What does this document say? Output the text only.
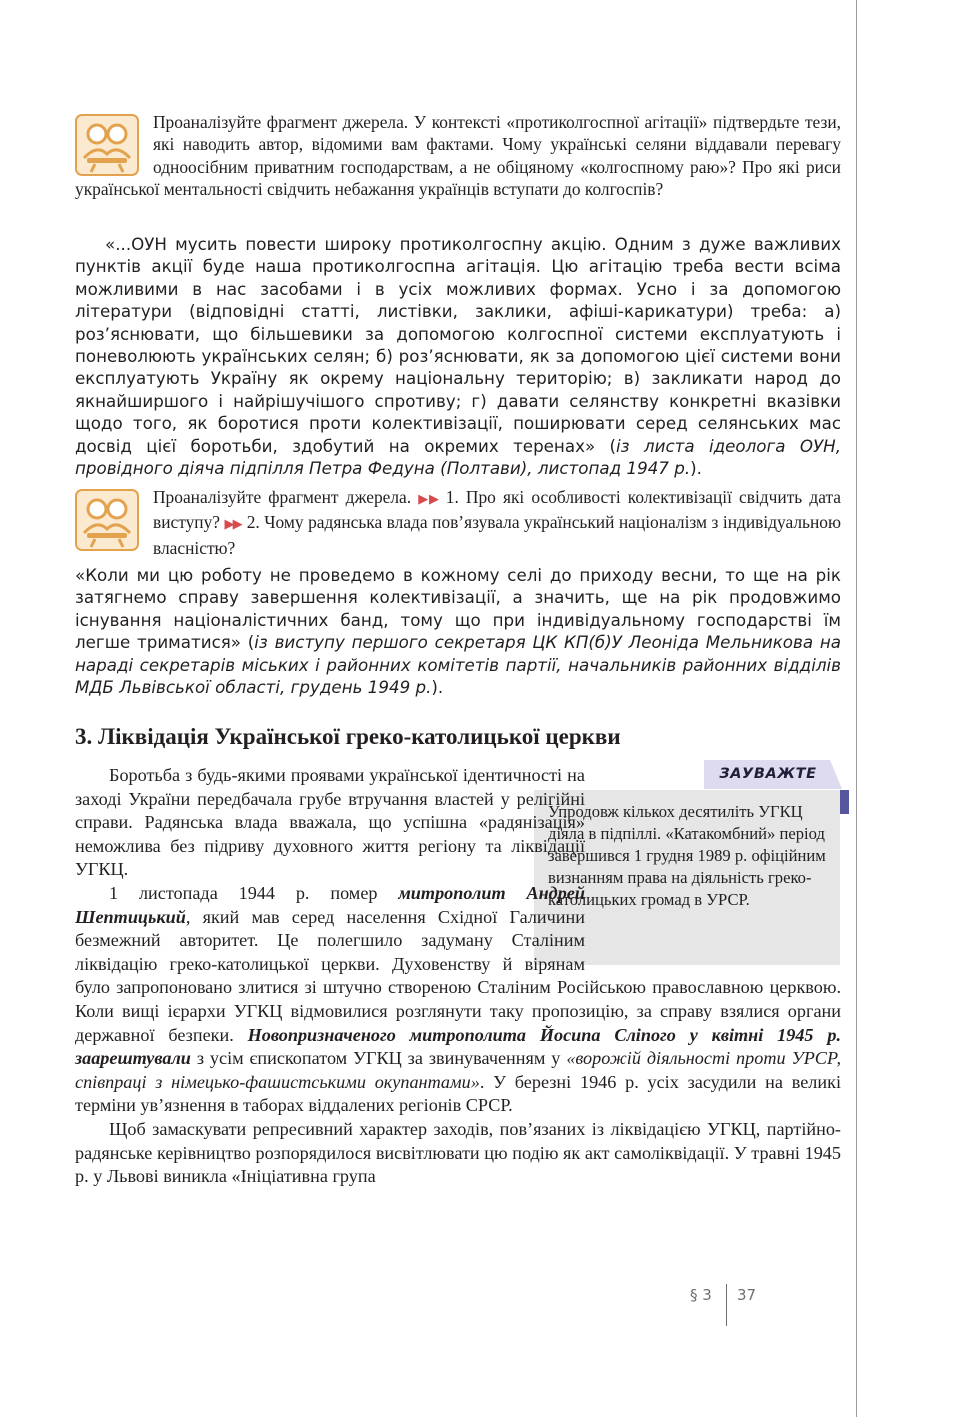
Проаналізуйте фрагмент джерела. У контексті «протиколгоспної агітації» підтвердьте тези, які наводить автор, відомими вам фактами. Чому українські селяни віддавали перевагу одноосібним приватним господарствам, а не обіцяному «колгоспному раю»? Про які риси української ментальності свідчить небажання українців вступати до колгоспів?
«...ОУН мусить повести широку протиколгоспну акцію. Одним з дуже важливих пунктів акції буде наша протиколгоспна агітація. Цю агітацію треба вести всіма можливими в нас засобами і в усіх можливих формах. Усно і за допомогою літератури (відповідні статті, листівки, заклики, афіші-карикатури) треба: а) роз’яснювати, що більшевики за допомогою колгоспної системи експлуатують і поневолюють українських селян; б) роз’яснювати, як за допомогою цієї системи вони експлуатують Україну як окрему національну територію; в) закликати народ до якнайширшого і найрішучішого спротиву; г) давати селянству конкретні вказівки щодо того, як боротися проти колективізації, поширювати серед селянських мас досвід цієї боротьби, здобутий на окремих теренах» (із листа ідеолога ОУН, провідного діяча підпілля Петра Федуна (Полтави), листопад 1947 р.).
Проаналізуйте фрагмент джерела. ▶▶ 1. Про які особливості колективізації свідчить дата виступу? ▶▶ 2. Чому радянська влада пов’язувала український націоналізм з індивідуальною власністю?
«Коли ми цю роботу не проведемо в кожному селі до приходу весни, то ще на рік затягнемо справу завершення колективізації, а значить, ще на рік продовжимо існування націоналістичних банд, тому що при індивідуальному господарстві їм легше триматися» (із виступу першого секретаря ЦК КП(б)У Леоніда Мельникова на нараді секретарів міських і районних комітетів партії, начальників районних відділів МДБ Львівської області, грудень 1949 р.).
3. Ліквідація Української греко-католицької церкви
ЗАУВАЖТЕ
Упродовж кількох десятиліть УГКЦ діяла в підпіллі. «Катакомбний» період завершився 1 грудня 1989 р. офіційним визнанням права на діяльність греко-католицьких громад в УРСР.

Боротьба з будь-якими проявами української ідентичності на заході України передбачала грубе втручання властей у релігійні справи. Радянська влада вважала, що успішна «радянізація» неможлива без підриву духовного життя регіону та ліквідації УГКЦ.

1 листопада 1944 р. помер митрополит Андрей Шептицький, який мав серед населення Східної Галичини безмежний авторитет. Це полегшило задуману Сталіним ліквідацію греко-католицької церкви. Духовенству й вірянам було запропоновано злитися зі штучно створеною Сталіним Російською православною церквою. Коли вищі ієрархи УГКЦ відмовилися розглянути таку пропозицію, за справу взялися органи державної безпеки. Новопризначеного митрополита Йосипа Сліпого у квітні 1945 р. заарештували з усім єпископатом УГКЦ за звинуваченням у «ворожій діяльності проти УРСР, співпраці з німецько-фашистськими окупантами». У березні 1946 р. усіх засудили на великі терміни ув’язнення в таборах віддалених регіонів СРСР.

Щоб замаскувати репресивний характер заходів, пов’язаних із ліквідацією УГКЦ, партійно-радянське керівництво розпорядилося висвітлювати цю подію як акт самоліквідації. У травні 1945 р. у Львові виникла «Ініціативна група

§ 3 37
